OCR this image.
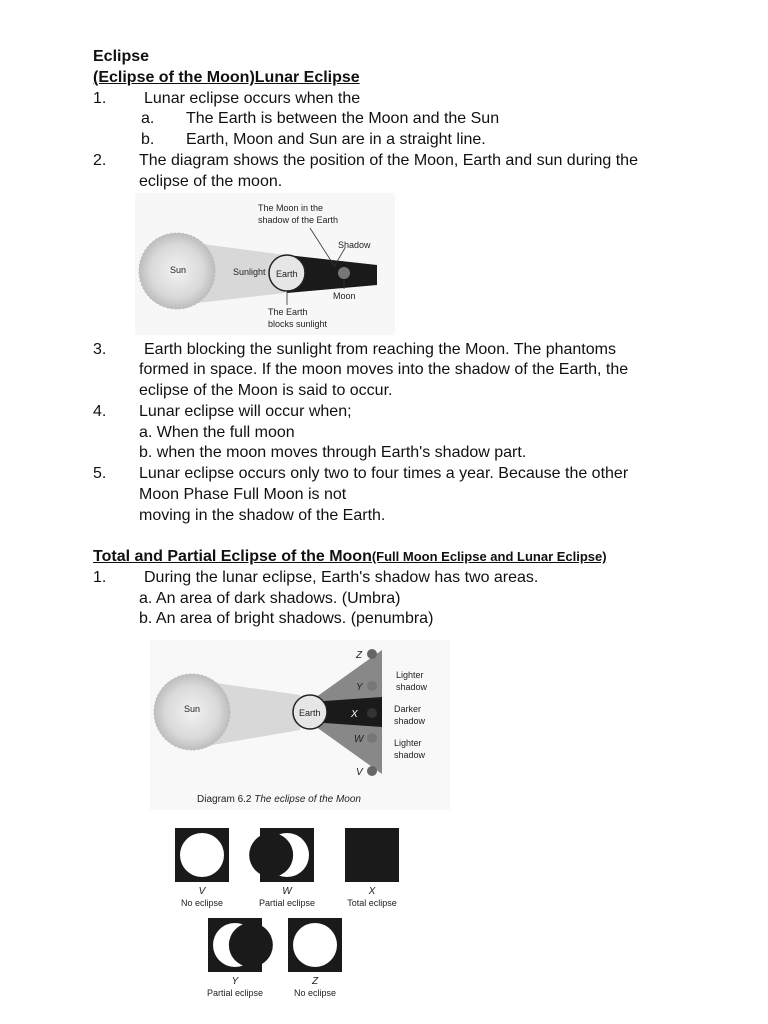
Eclipse
(Eclipse of the Moon)Lunar Eclipse
1. Lunar eclipse occurs when the
a. The Earth is between the Moon and the Sun
b. Earth, Moon and Sun are in a straight line.
2. The diagram shows the position of the Moon, Earth and sun during the
eclipse of the moon.
The Moon in the
shadow of the Earth
Shadow
Sun	Sunlight Earth
Moon
The Earth
blocks sunlight
3. Earth blocking the sunlight from reaching the Moon. The phantoms
formed in space. If the moon moves into the shadow of the Earth, the
eclipse of the Moon is said to occur.
4. Lunar eclipse will occur when;
a. When the full moon
b. when the moon moves through Earth's shadow part.
5. Lunar eclipse occurs only two to four times a year. Because the other
Moon Phase Full Moon is not
moving in the shadow of the Earth.
Total and Partial Eclipse of the Moon(Full Moon Eclipse and Lunar Eclipse)
1. During the lunar eclipse, Earth's shadow has two areas.
a. An area of dark shadows. (Umbra)
b. An area of bright shadows. (penumbra)
Earth
Sun
Z
Y
X
W
V
Lighter
shadow
Darker
shadow
Lighter
shadow
Diagram 6.2 The eclipse of the Moon
V
No eclipse
W
Partial eclipse
X
Total eclipse
Y
Partial eclipse
Z
No eclipse
